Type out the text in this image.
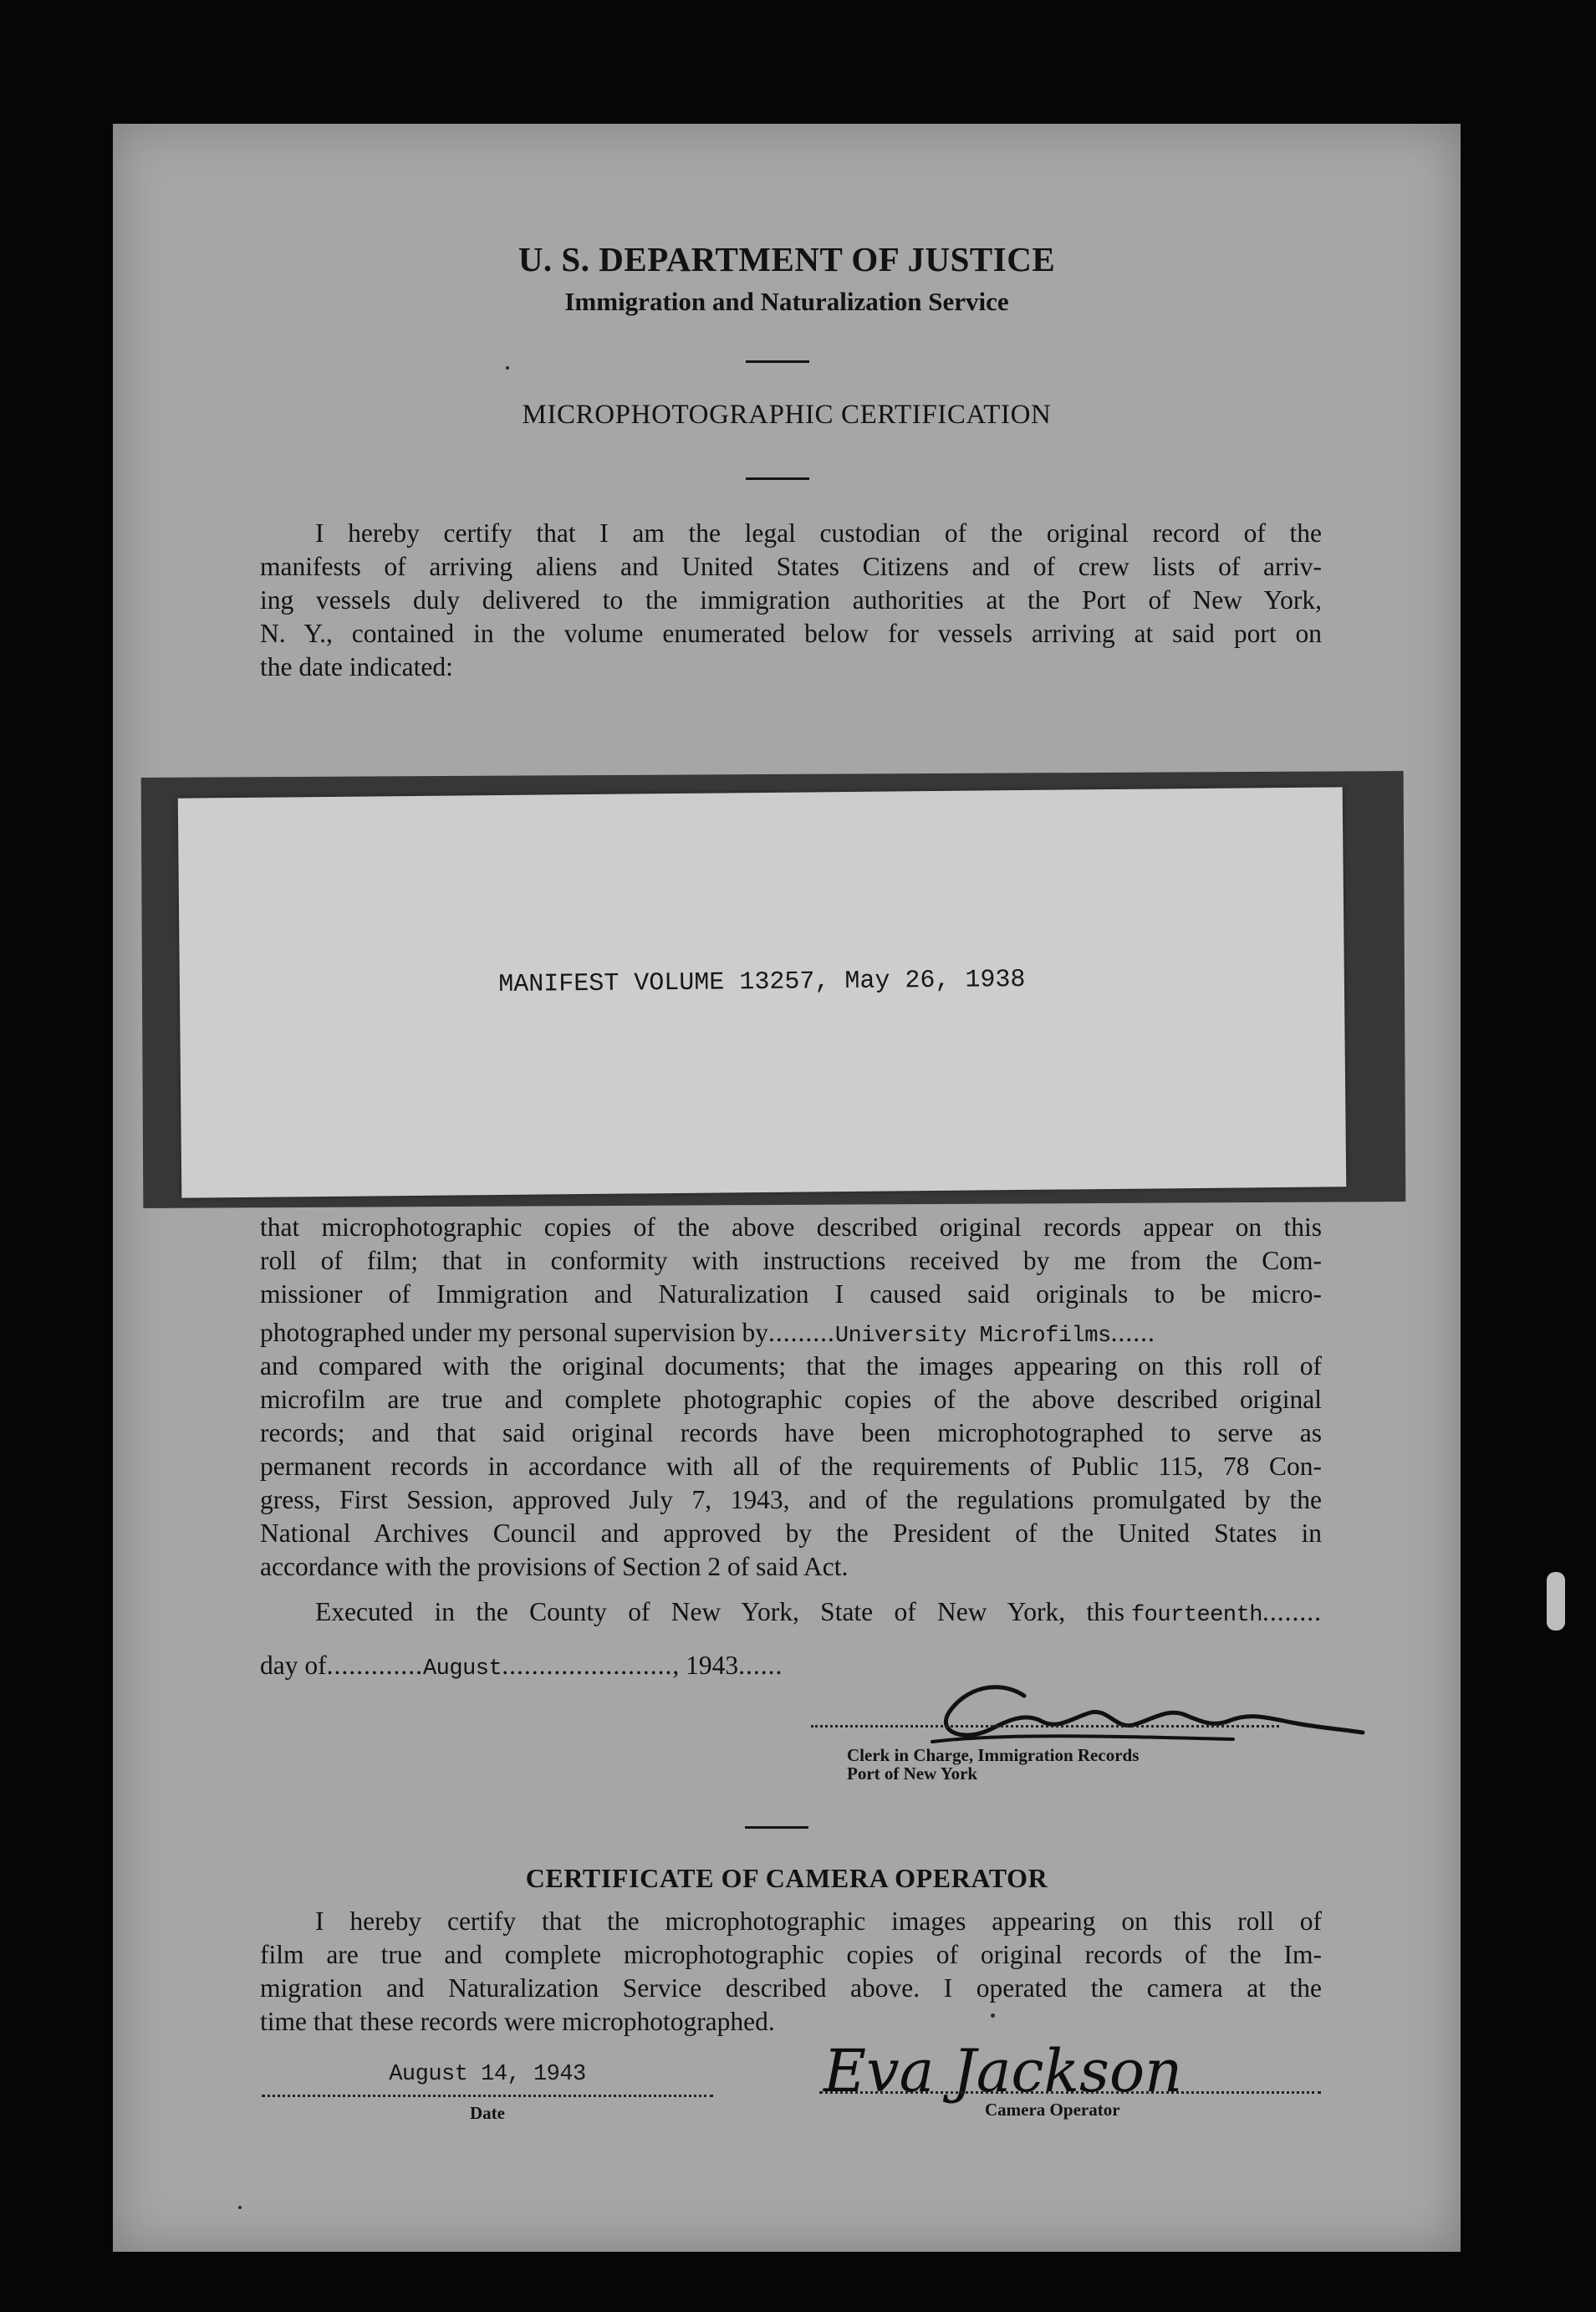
U. S. DEPARTMENT OF JUSTICE

Immigration and Naturalization Service

MICROPHOTOGRAPHIC CERTIFICATION

I hereby certify that I am the legal custodian of the original record of the
manifests of arriving aliens and United States Citizens and of crew lists of arriv-
ing vessels duly delivered to the immigration authorities at the Port of New York,
N. Y., contained in the volume enumerated below for vessels arriving at said port on
the date indicated:

MANIFEST VOLUME 13257, May 26, 1938

that microphotographic copies of the above described original records appear on this
roll of film; that in conformity with instructions received by me from the Com-
missioner of Immigration and Naturalization I caused said originals to be micro-
photographed under my personal supervision by.........University Microfilms......
and compared with the original documents; that the images appearing on this roll of
microfilm are true and complete photographic copies of the above described original
records; and that said original records have been microphotographed to serve as
permanent records in accordance with all of the requirements of Public 115, 78 Con-
gress, First Session, approved July 7, 1943, and of the regulations promulgated by the
National Archives Council and approved by the President of the United States in
accordance with the provisions of Section 2 of said Act.
Executed in the County of New York, State of New York, this fourteenth........
day of.............August......................., 1943......

Clerk in Charge, Immigration Records
Port of New York

CERTIFICATE OF CAMERA OPERATOR

I hereby certify that the microphotographic images appearing on this roll of
film are true and complete microphotographic copies of original records of the Im-
migration and Naturalization Service described above. I operated the camera at the
time that these records were microphotographed.

August 14, 1943

Date

Eva Jackson

Camera Operator
